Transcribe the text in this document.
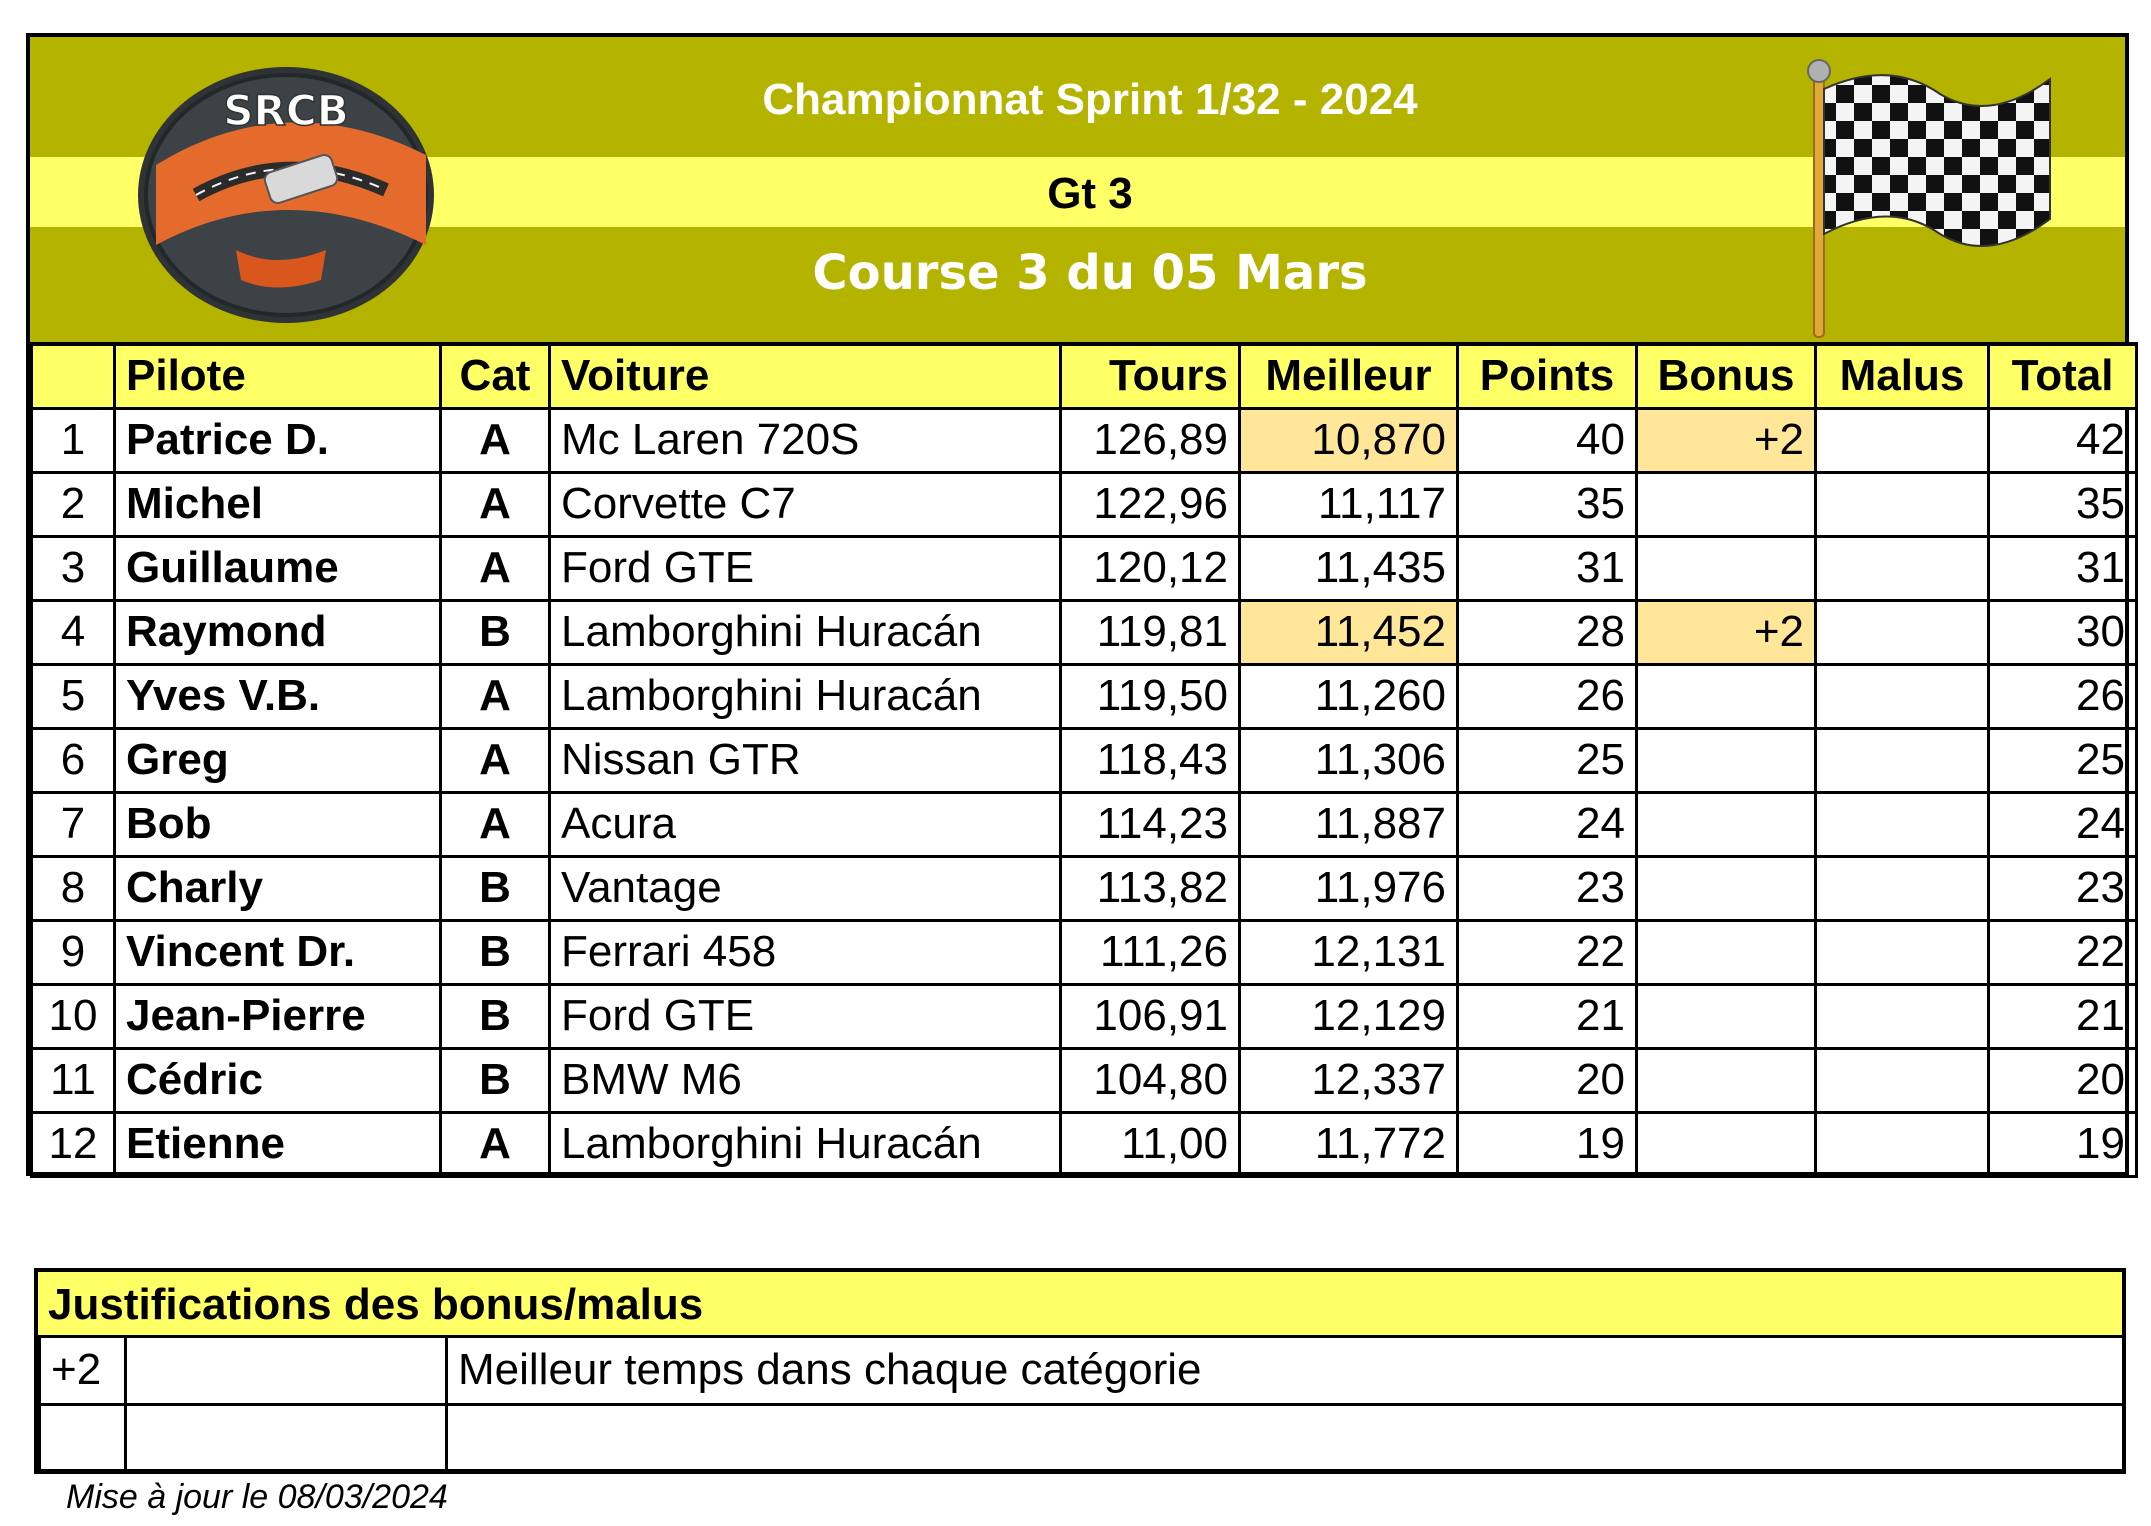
Championnat Sprint 1/32 - 2024
Gt 3
Course 3 du 05 Mars
SRCB
	Pilote	Cat	Voiture	Tours	Meilleur	Points	Bonus	Malus	Total
1	Patrice D.	A	Mc Laren 720S	126,89	10,870	40	+2		42
2	Michel	A	Corvette C7	122,96	11,117	35			35
3	Guillaume	A	Ford GTE	120,12	11,435	31			31
4	Raymond	B	Lamborghini Huracán	119,81	11,452	28	+2		30
5	Yves V.B.	A	Lamborghini Huracán	119,50	11,260	26			26
6	Greg	A	Nissan GTR	118,43	11,306	25			25
7	Bob	A	Acura	114,23	11,887	24			24
8	Charly	B	Vantage	113,82	11,976	23			23
9	Vincent Dr.	B	Ferrari 458	111,26	12,131	22			22
10	Jean-Pierre	B	Ford GTE	106,91	12,129	21			21
11	Cédric	B	BMW M6	104,80	12,337	20			20
12	Etienne	A	Lamborghini Huracán	11,00	11,772	19			19
Justifications des bonus/malus
+2		Meilleur temps dans chaque catégorie

Mise à jour le 08/03/2024
